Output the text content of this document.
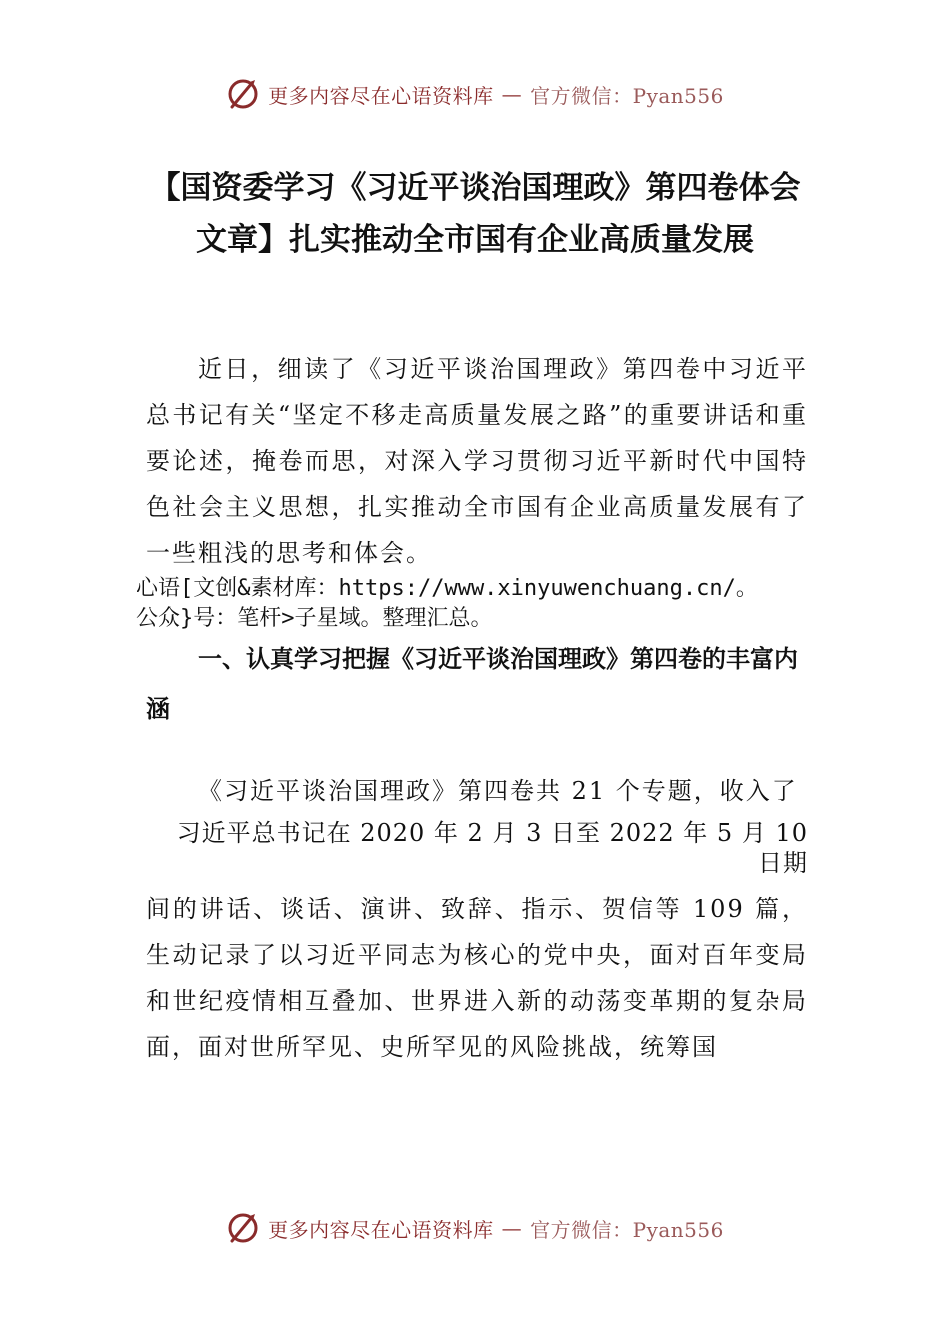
更多内容尽在心语资料库 — 官方微信：Pyan556
【国资委学习《习近平谈治国理政》第四卷体会文章】扎实推动全市国有企业高质量发展

近日，细读了《习近平谈治国理政》第四卷中习近平总书记有关“坚定不移走高质量发展之路”的重要讲话和重要论述，掩卷而思，对深入学习贯彻习近平新时代中国特色社会主义思想，扎实推动全市国有企业高质量发展有了一些粗浅的思考和体会。

心语[文创&素材库：https://www.xinyuwenchuang.cn/。
公众}号：笔杆>子星域。整理汇总。
一、认真学习把握《习近平谈治国理政》第四卷的丰富内涵

《习近平谈治国理政》第四卷共 21 个专题，收入了

习近平总书记在 2020 年 2 月 3 日至 2022 年 5 月 10

日期

间的讲话、谈话、演讲、致辞、指示、贺信等 109 篇，生动记录了以习近平同志为核心的党中央，面对百年变局和世纪疫情相互叠加、世界进入新的动荡变革期的复杂局面，面对世所罕见、史所罕见的风险挑战，统筹国

更多内容尽在心语资料库 — 官方微信：Pyan556
